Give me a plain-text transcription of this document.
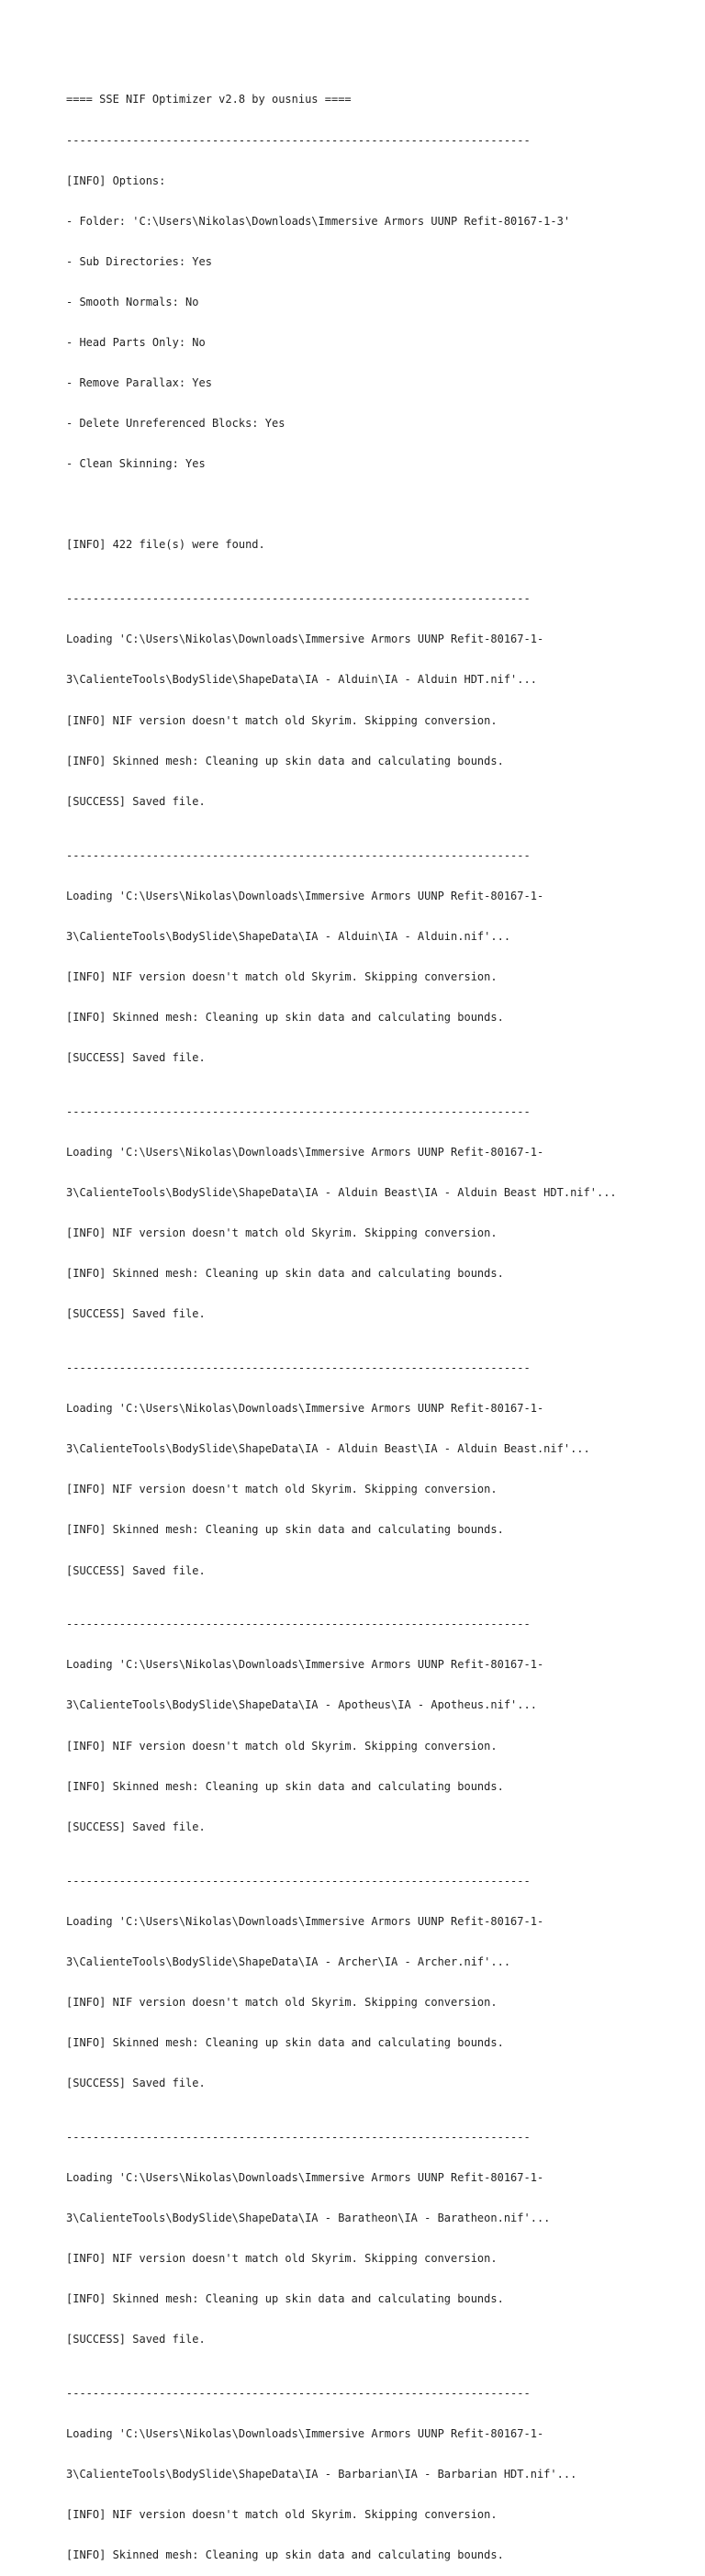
==== SSE NIF Optimizer v2.8 by ousnius ====

----------------------------------------------------------------------

[INFO] Options:

- Folder: 'C:\Users\Nikolas\Downloads\Immersive Armors UUNP Refit-80167-1-3'

- Sub Directories: Yes

- Smooth Normals: No

- Head Parts Only: No

- Remove Parallax: Yes

- Delete Unreferenced Blocks: Yes

- Clean Skinning: Yes

[INFO] 422 file(s) were found.

----------------------------------------------------------------------

Loading 'C:\Users\Nikolas\Downloads\Immersive Armors UUNP Refit-80167-1-

3\CalienteTools\BodySlide\ShapeData\IA - Alduin\IA - Alduin HDT.nif'...

[INFO] NIF version doesn't match old Skyrim. Skipping conversion.

[INFO] Skinned mesh: Cleaning up skin data and calculating bounds.

[SUCCESS] Saved file.

----------------------------------------------------------------------

Loading 'C:\Users\Nikolas\Downloads\Immersive Armors UUNP Refit-80167-1-

3\CalienteTools\BodySlide\ShapeData\IA - Alduin\IA - Alduin.nif'...

[INFO] NIF version doesn't match old Skyrim. Skipping conversion.

[INFO] Skinned mesh: Cleaning up skin data and calculating bounds.

[SUCCESS] Saved file.

----------------------------------------------------------------------

Loading 'C:\Users\Nikolas\Downloads\Immersive Armors UUNP Refit-80167-1-

3\CalienteTools\BodySlide\ShapeData\IA - Alduin Beast\IA - Alduin Beast HDT.nif'...

[INFO] NIF version doesn't match old Skyrim. Skipping conversion.

[INFO] Skinned mesh: Cleaning up skin data and calculating bounds.

[SUCCESS] Saved file.

----------------------------------------------------------------------

Loading 'C:\Users\Nikolas\Downloads\Immersive Armors UUNP Refit-80167-1-

3\CalienteTools\BodySlide\ShapeData\IA - Alduin Beast\IA - Alduin Beast.nif'...

[INFO] NIF version doesn't match old Skyrim. Skipping conversion.

[INFO] Skinned mesh: Cleaning up skin data and calculating bounds.

[SUCCESS] Saved file.

----------------------------------------------------------------------

Loading 'C:\Users\Nikolas\Downloads\Immersive Armors UUNP Refit-80167-1-

3\CalienteTools\BodySlide\ShapeData\IA - Apotheus\IA - Apotheus.nif'...

[INFO] NIF version doesn't match old Skyrim. Skipping conversion.

[INFO] Skinned mesh: Cleaning up skin data and calculating bounds.

[SUCCESS] Saved file.

----------------------------------------------------------------------

Loading 'C:\Users\Nikolas\Downloads\Immersive Armors UUNP Refit-80167-1-

3\CalienteTools\BodySlide\ShapeData\IA - Archer\IA - Archer.nif'...

[INFO] NIF version doesn't match old Skyrim. Skipping conversion.

[INFO] Skinned mesh: Cleaning up skin data and calculating bounds.

[SUCCESS] Saved file.

----------------------------------------------------------------------

Loading 'C:\Users\Nikolas\Downloads\Immersive Armors UUNP Refit-80167-1-

3\CalienteTools\BodySlide\ShapeData\IA - Baratheon\IA - Baratheon.nif'...

[INFO] NIF version doesn't match old Skyrim. Skipping conversion.

[INFO] Skinned mesh: Cleaning up skin data and calculating bounds.

[SUCCESS] Saved file.

----------------------------------------------------------------------

Loading 'C:\Users\Nikolas\Downloads\Immersive Armors UUNP Refit-80167-1-

3\CalienteTools\BodySlide\ShapeData\IA - Barbarian\IA - Barbarian HDT.nif'...

[INFO] NIF version doesn't match old Skyrim. Skipping conversion.

[INFO] Skinned mesh: Cleaning up skin data and calculating bounds.
